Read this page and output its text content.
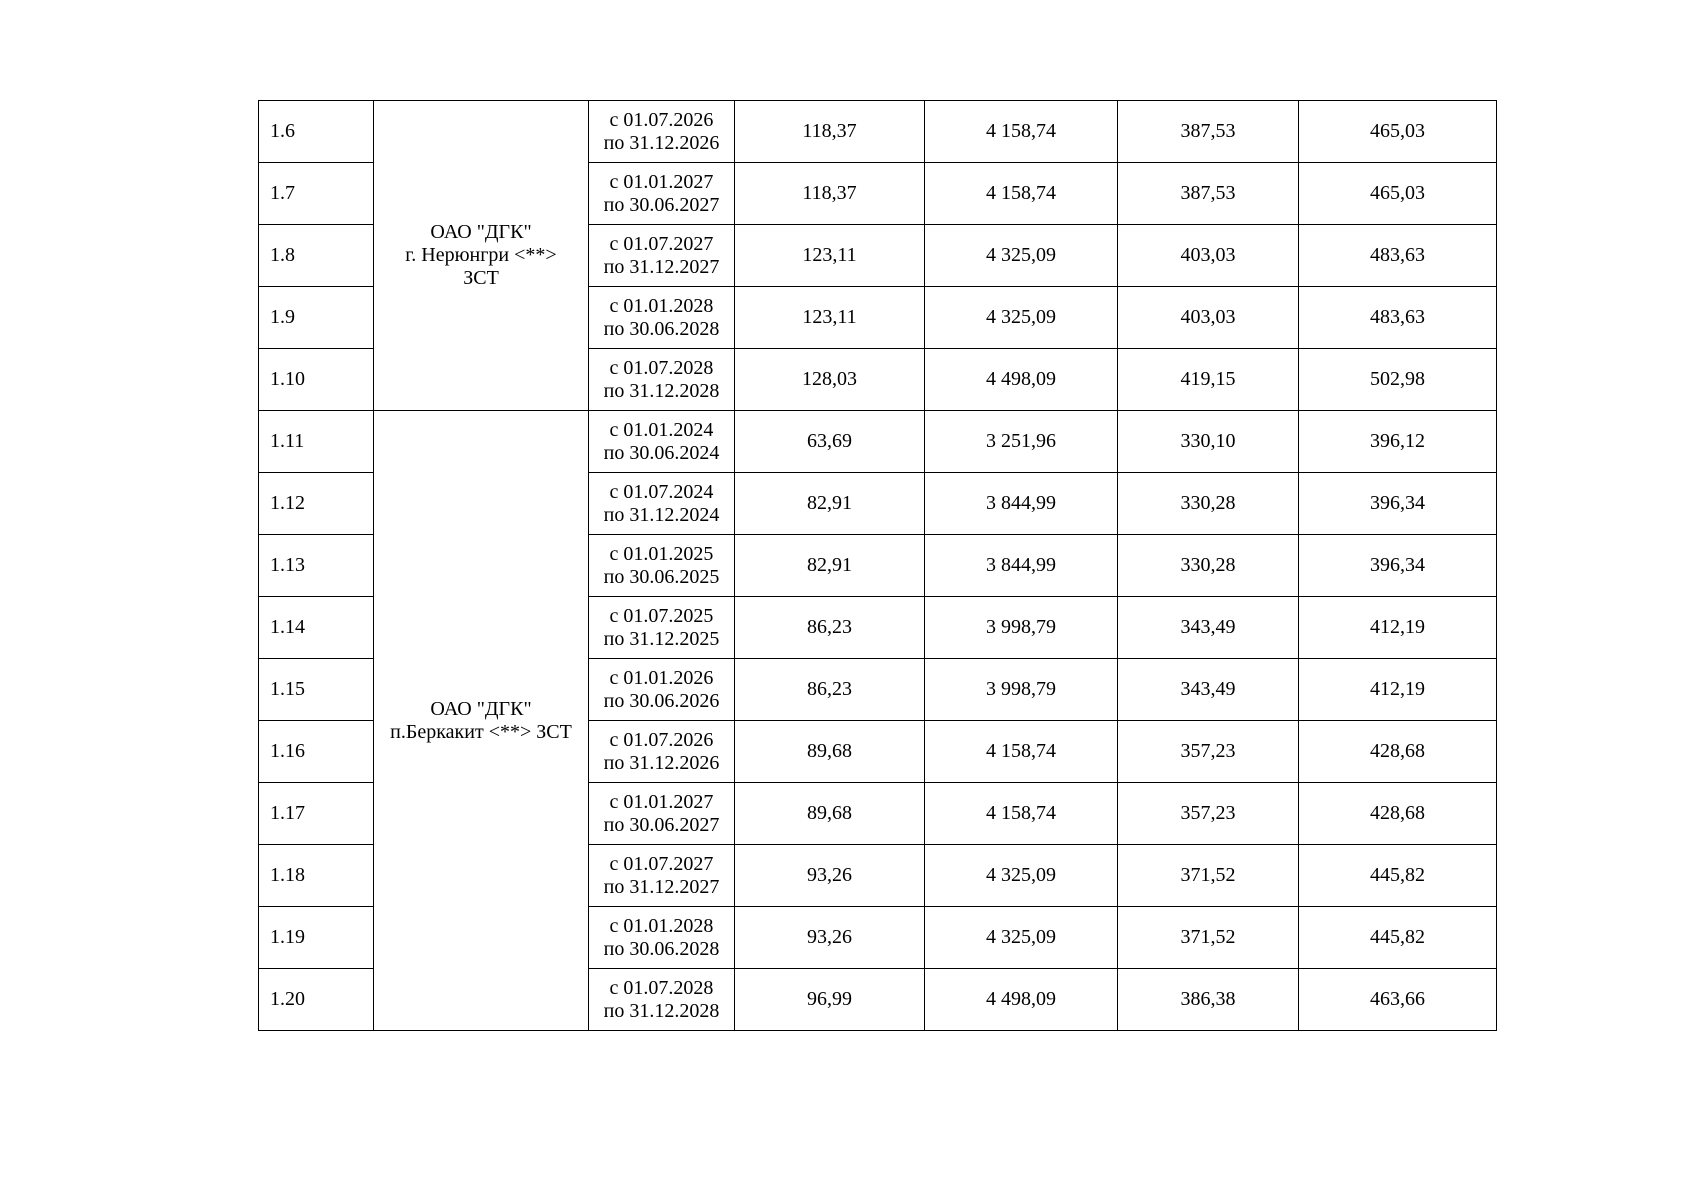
1.6	ОАО "ДГК"
г. Нерюнгри <**>
ЗСТ	с 01.07.2026
по 31.12.2026	118,37	4 158,74	387,53	465,03
1.7		с 01.01.2027
по 30.06.2027	118,37	4 158,74	387,53	465,03
1.8		с 01.07.2027
по 31.12.2027	123,11	4 325,09	403,03	483,63
1.9		с 01.01.2028
по 30.06.2028	123,11	4 325,09	403,03	483,63
1.10		с 01.07.2028
по 31.12.2028	128,03	4 498,09	419,15	502,98
1.11	ОАО "ДГК"
п.Беркакит <**> ЗСТ	с 01.01.2024
по 30.06.2024	63,69	3 251,96	330,10	396,12
1.12		с 01.07.2024
по 31.12.2024	82,91	3 844,99	330,28	396,34
1.13		с 01.01.2025
по 30.06.2025	82,91	3 844,99	330,28	396,34
1.14		с 01.07.2025
по 31.12.2025	86,23	3 998,79	343,49	412,19
1.15		с 01.01.2026
по 30.06.2026	86,23	3 998,79	343,49	412,19
1.16		с 01.07.2026
по 31.12.2026	89,68	4 158,74	357,23	428,68
1.17		с 01.01.2027
по 30.06.2027	89,68	4 158,74	357,23	428,68
1.18		с 01.07.2027
по 31.12.2027	93,26	4 325,09	371,52	445,82
1.19		с 01.01.2028
по 30.06.2028	93,26	4 325,09	371,52	445,82
1.20		с 01.07.2028
по 31.12.2028	96,99	4 498,09	386,38	463,66
